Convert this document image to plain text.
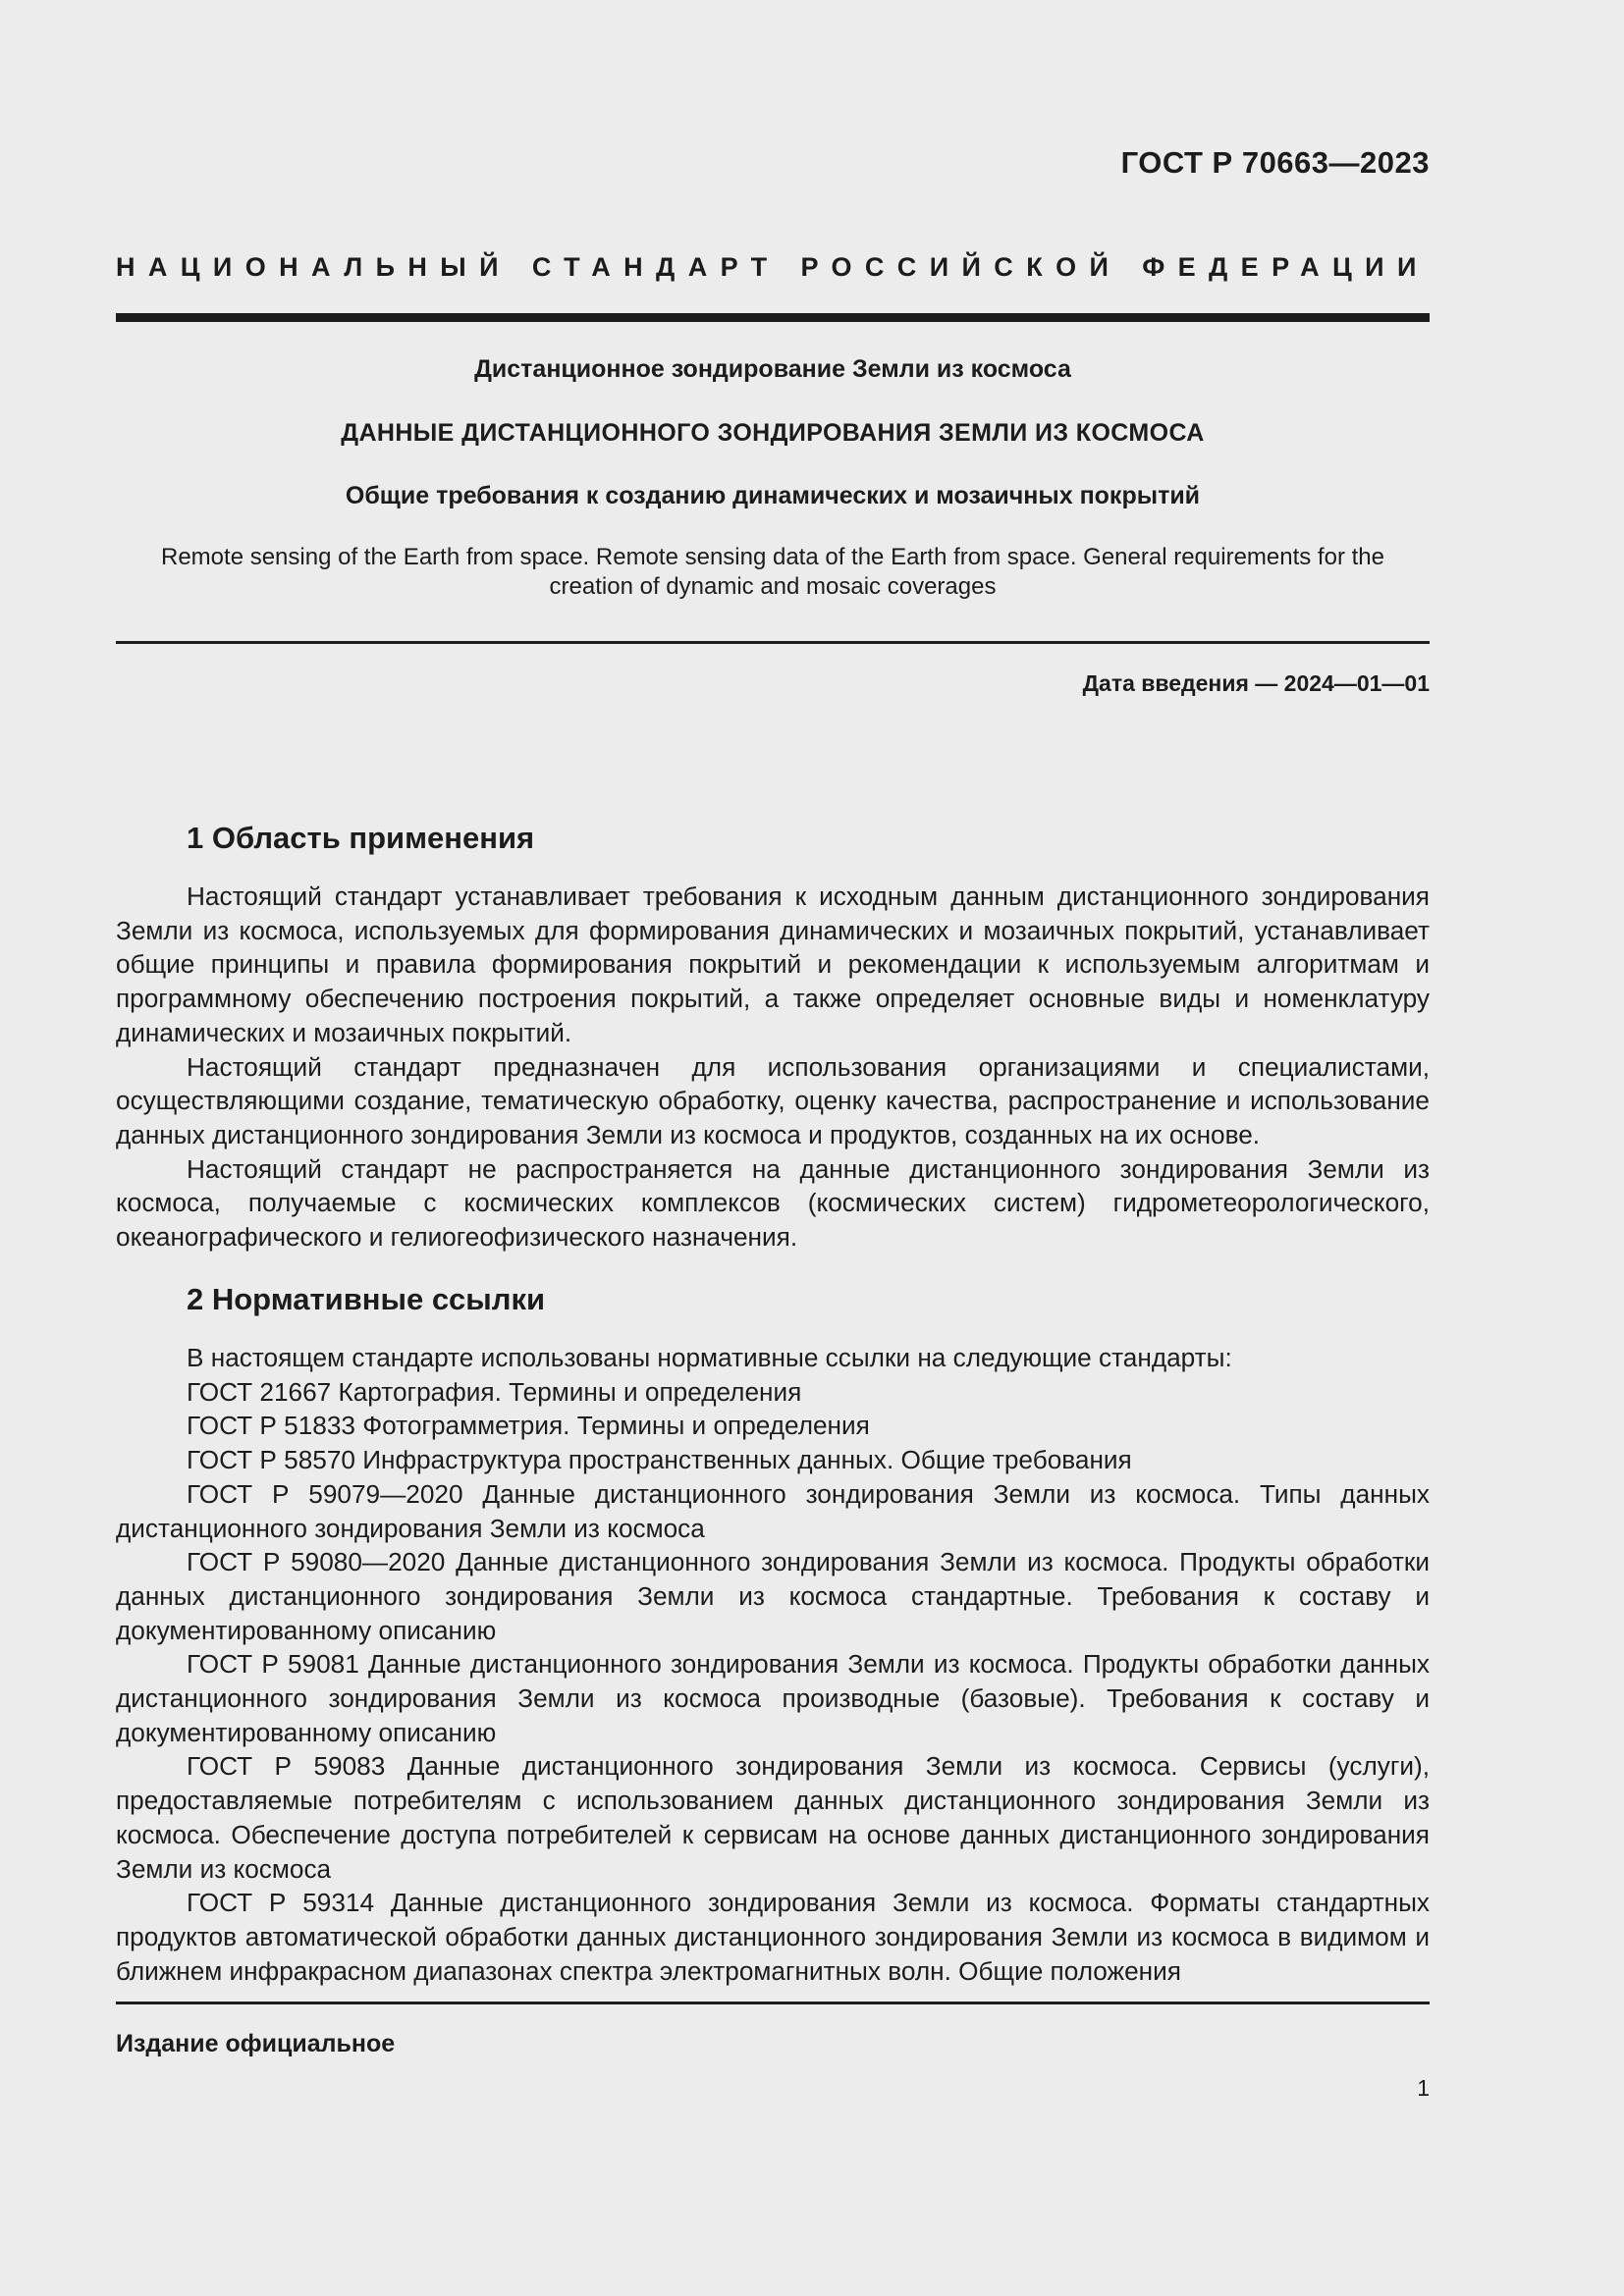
ГОСТ Р 70663—2023
НАЦИОНАЛЬНЫЙ СТАНДАРТ РОССИЙСКОЙ ФЕДЕРАЦИИ
Дистанционное зондирование Земли из космоса
ДАННЫЕ ДИСТАНЦИОННОГО ЗОНДИРОВАНИЯ ЗЕМЛИ ИЗ КОСМОСА
Общие требования к созданию динамических и мозаичных покрытий
Remote sensing of the Earth from space. Remote sensing data of the Earth from space. General requirements for the creation of dynamic and mosaic coverages
Дата введения — 2024—01—01
1 Область применения

Настоящий стандарт устанавливает требования к исходным данным дистанционного зондирования Земли из космоса, используемых для формирования динамических и мозаичных покрытий, устанавливает общие принципы и правила формирования покрытий и рекомендации к используемым алгоритмам и программному обеспечению построения покрытий, а также определяет основные виды и номенклатуру динамических и мозаичных покрытий.

Настоящий стандарт предназначен для использования организациями и специалистами, осуществляющими создание, тематическую обработку, оценку качества, распространение и использование данных дистанционного зондирования Земли из космоса и продуктов, созданных на их основе.

Настоящий стандарт не распространяется на данные дистанционного зондирования Земли из космоса, получаемые с космических комплексов (космических систем) гидрометеорологического, океанографического и гелиогеофизического назначения.

2 Нормативные ссылки

В настоящем стандарте использованы нормативные ссылки на следующие стандарты:

ГОСТ 21667 Картография. Термины и определения

ГОСТ Р 51833 Фотограмметрия. Термины и определения

ГОСТ Р 58570 Инфраструктура пространственных данных. Общие требования

ГОСТ Р 59079—2020 Данные дистанционного зондирования Земли из космоса. Типы данных дистанционного зондирования Земли из космоса

ГОСТ Р 59080—2020 Данные дистанционного зондирования Земли из космоса. Продукты обработки данных дистанционного зондирования Земли из космоса стандартные. Требования к составу и документированному описанию

ГОСТ Р 59081 Данные дистанционного зондирования Земли из космоса. Продукты обработки данных дистанционного зондирования Земли из космоса производные (базовые). Требования к составу и документированному описанию

ГОСТ Р 59083 Данные дистанционного зондирования Земли из космоса. Сервисы (услуги), предоставляемые потребителям с использованием данных дистанционного зондирования Земли из космоса. Обеспечение доступа потребителей к сервисам на основе данных дистанционного зондирования Земли из космоса

ГОСТ Р 59314 Данные дистанционного зондирования Земли из космоса. Форматы стандартных продуктов автоматической обработки данных дистанционного зондирования Земли из космоса в видимом и ближнем инфракрасном диапазонах спектра электромагнитных волн. Общие положения

Издание официальное
1
